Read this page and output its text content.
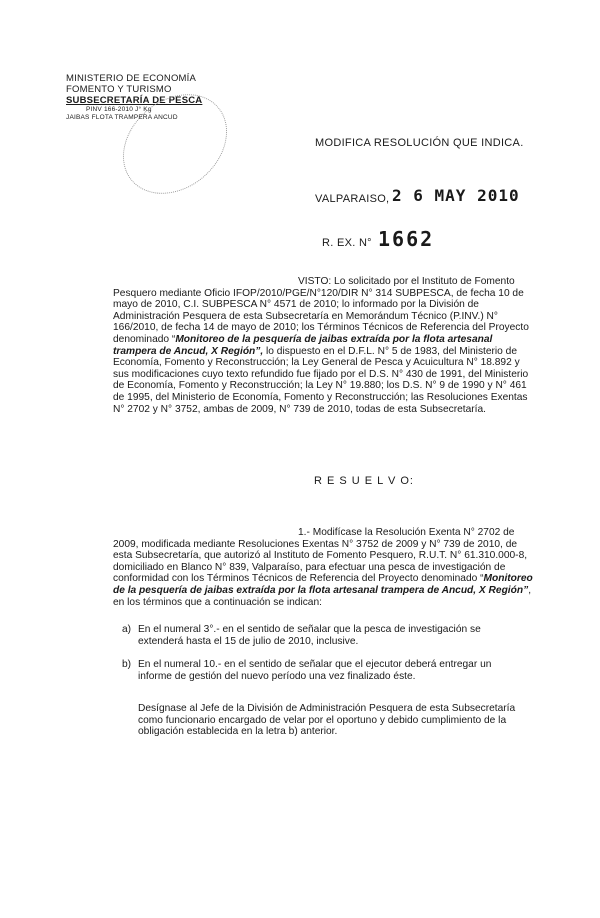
MINISTERIO DE ECONOMÍA
FOMENTO Y TURISMO
SUBSECRETARÍA DE PESCA
PINV 166-2010 J° Kg
JAIBAS FLOTA TRAMPERA ANCUD
MODIFICA RESOLUCIÓN QUE INDICA.
VALPARAISO, 2 6 MAY 2010
R. EX. N° 1662
VISTO: Lo solicitado por el Instituto de Fomento
Pesquero mediante Oficio IFOP/2010/PGE/N°120/DIR N° 314 SUBPESCA, de fecha 10 de
mayo de 2010, C.I. SUBPESCA N° 4571 de 2010; lo informado por la División de
Administración Pesquera de esta Subsecretaría en Memorándum Técnico (P.INV.) N°
166/2010, de fecha 14 de mayo de 2010; los Términos Técnicos de Referencia del Proyecto
denominado “Monitoreo de la pesquería de jaibas extraída por la flota artesanal
trampera de Ancud, X Región”, lo dispuesto en el D.F.L. N° 5 de 1983, del Ministerio de
Economía, Fomento y Reconstrucción; la Ley General de Pesca y Acuicultura N° 18.892 y
sus modificaciones cuyo texto refundido fue fijado por el D.S. N° 430 de 1991, del Ministerio
de Economía, Fomento y Reconstrucción; la Ley N° 19.880; los D.S. N° 9 de 1990 y N° 461
de 1995, del Ministerio de Economía, Fomento y Reconstrucción; las Resoluciones Exentas
N° 2702 y N° 3752, ambas de 2009, N° 739 de 2010, todas de esta Subsecretaría.
R E S U E L V O:
1.- Modifícase la Resolución Exenta N° 2702 de
2009, modificada mediante Resoluciones Exentas N° 3752 de 2009 y N° 739 de 2010, de
esta Subsecretaría, que autorizó al Instituto de Fomento Pesquero, R.U.T. N° 61.310.000-8,
domiciliado en Blanco N° 839, Valparaíso, para efectuar una pesca de investigación de
conformidad con los Términos Técnicos de Referencia del Proyecto denominado “Monitoreo
de la pesquería de jaibas extraída por la flota artesanal trampera de Ancud, X Región”,
en los términos que a continuación se indican:
a) En el numeral 3°.- en el sentido de señalar que la pesca de investigación se
extenderá hasta el 15 de julio de 2010, inclusive.
b) En el numeral 10.- en el sentido de señalar que el ejecutor deberá entregar un
informe de gestión del nuevo período una vez finalizado éste.
Desígnase al Jefe de la División de Administración Pesquera de esta Subsecretaría
como funcionario encargado de velar por el oportuno y debido cumplimiento de la
obligación establecida en la letra b) anterior.
